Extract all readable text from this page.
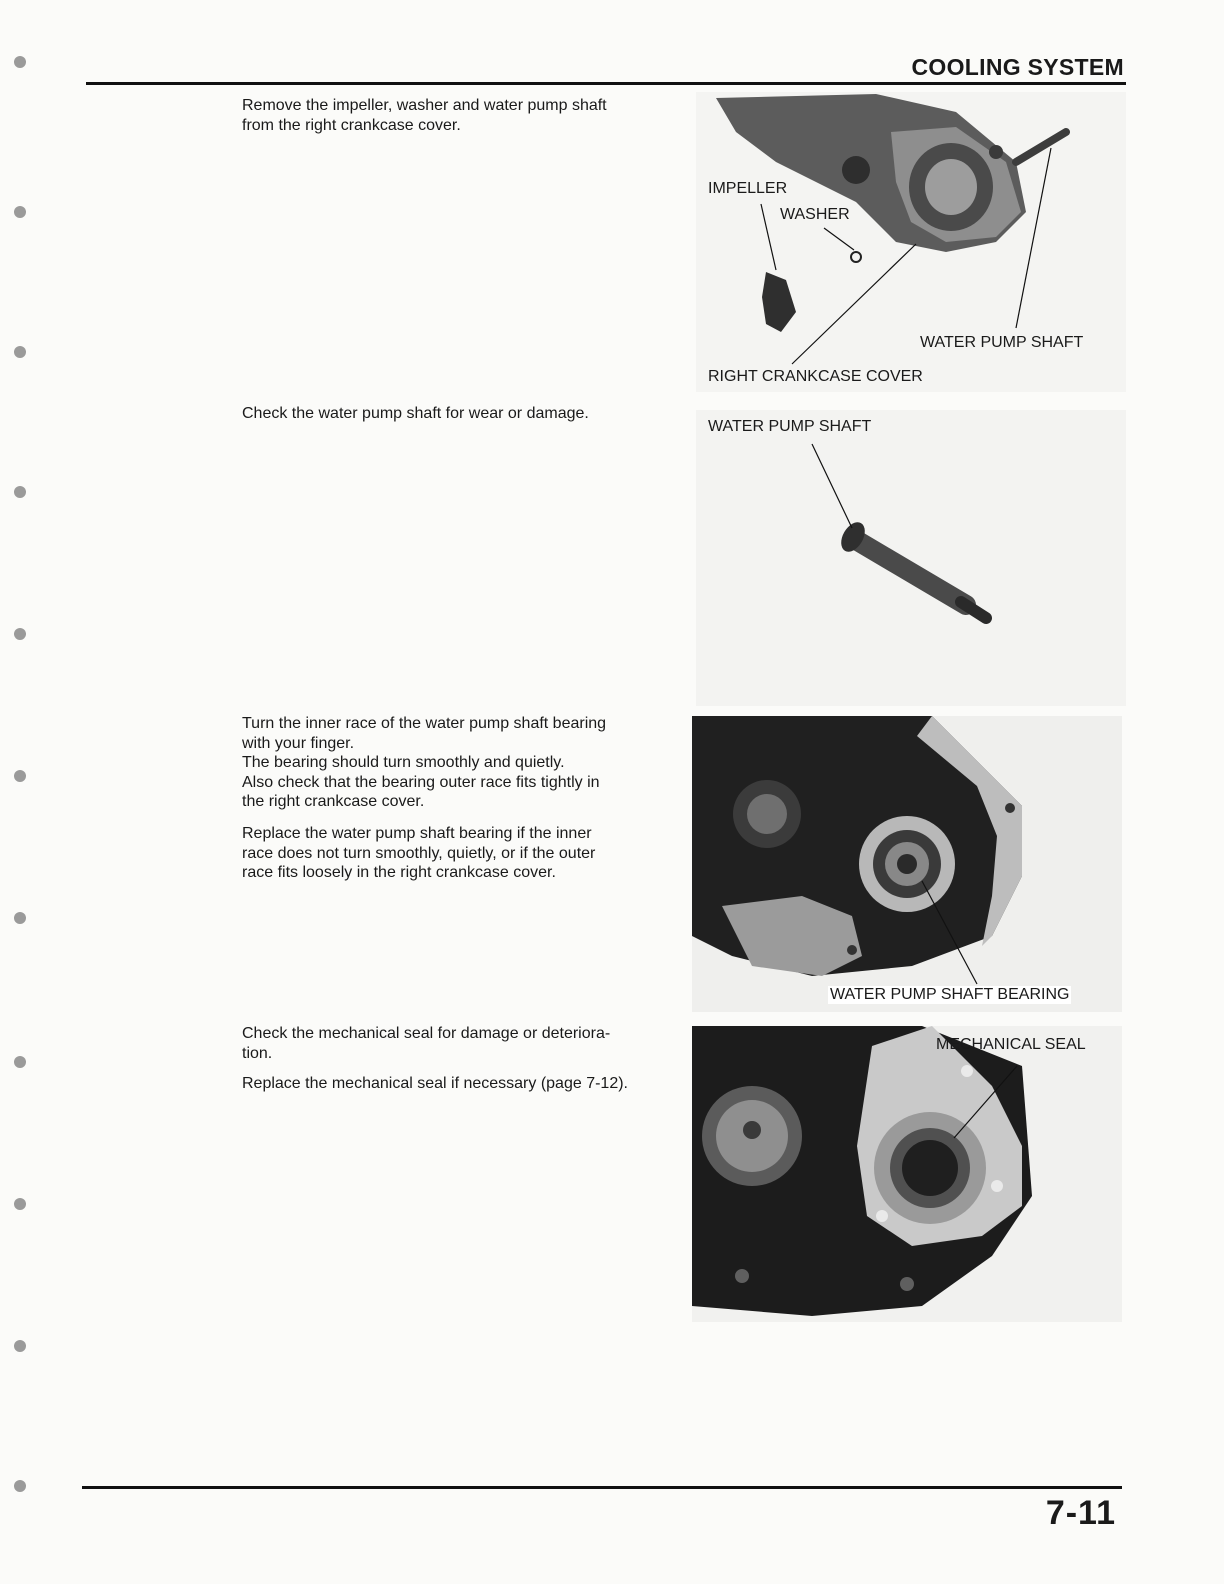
COOLING SYSTEM
Remove the impeller, washer and water pump shaft
from the right crankcase cover.
Check the water pump shaft for wear or damage.
Turn the inner race of the water pump shaft bearing
with your finger.
The bearing should turn smoothly and quietly.
Also check that the bearing outer race fits tightly in
the right crankcase cover.
Replace the water pump shaft bearing if the inner
race does not turn smoothly, quietly, or if the outer
race fits loosely in the right crankcase cover.
Check the mechanical seal for damage or deteriora-
tion.
Replace the mechanical seal if necessary (page 7-12).
IMPELLER
WASHER
WATER PUMP SHAFT
RIGHT CRANKCASE COVER
WATER PUMP SHAFT
WATER PUMP SHAFT BEARING
MECHANICAL SEAL
7-11
